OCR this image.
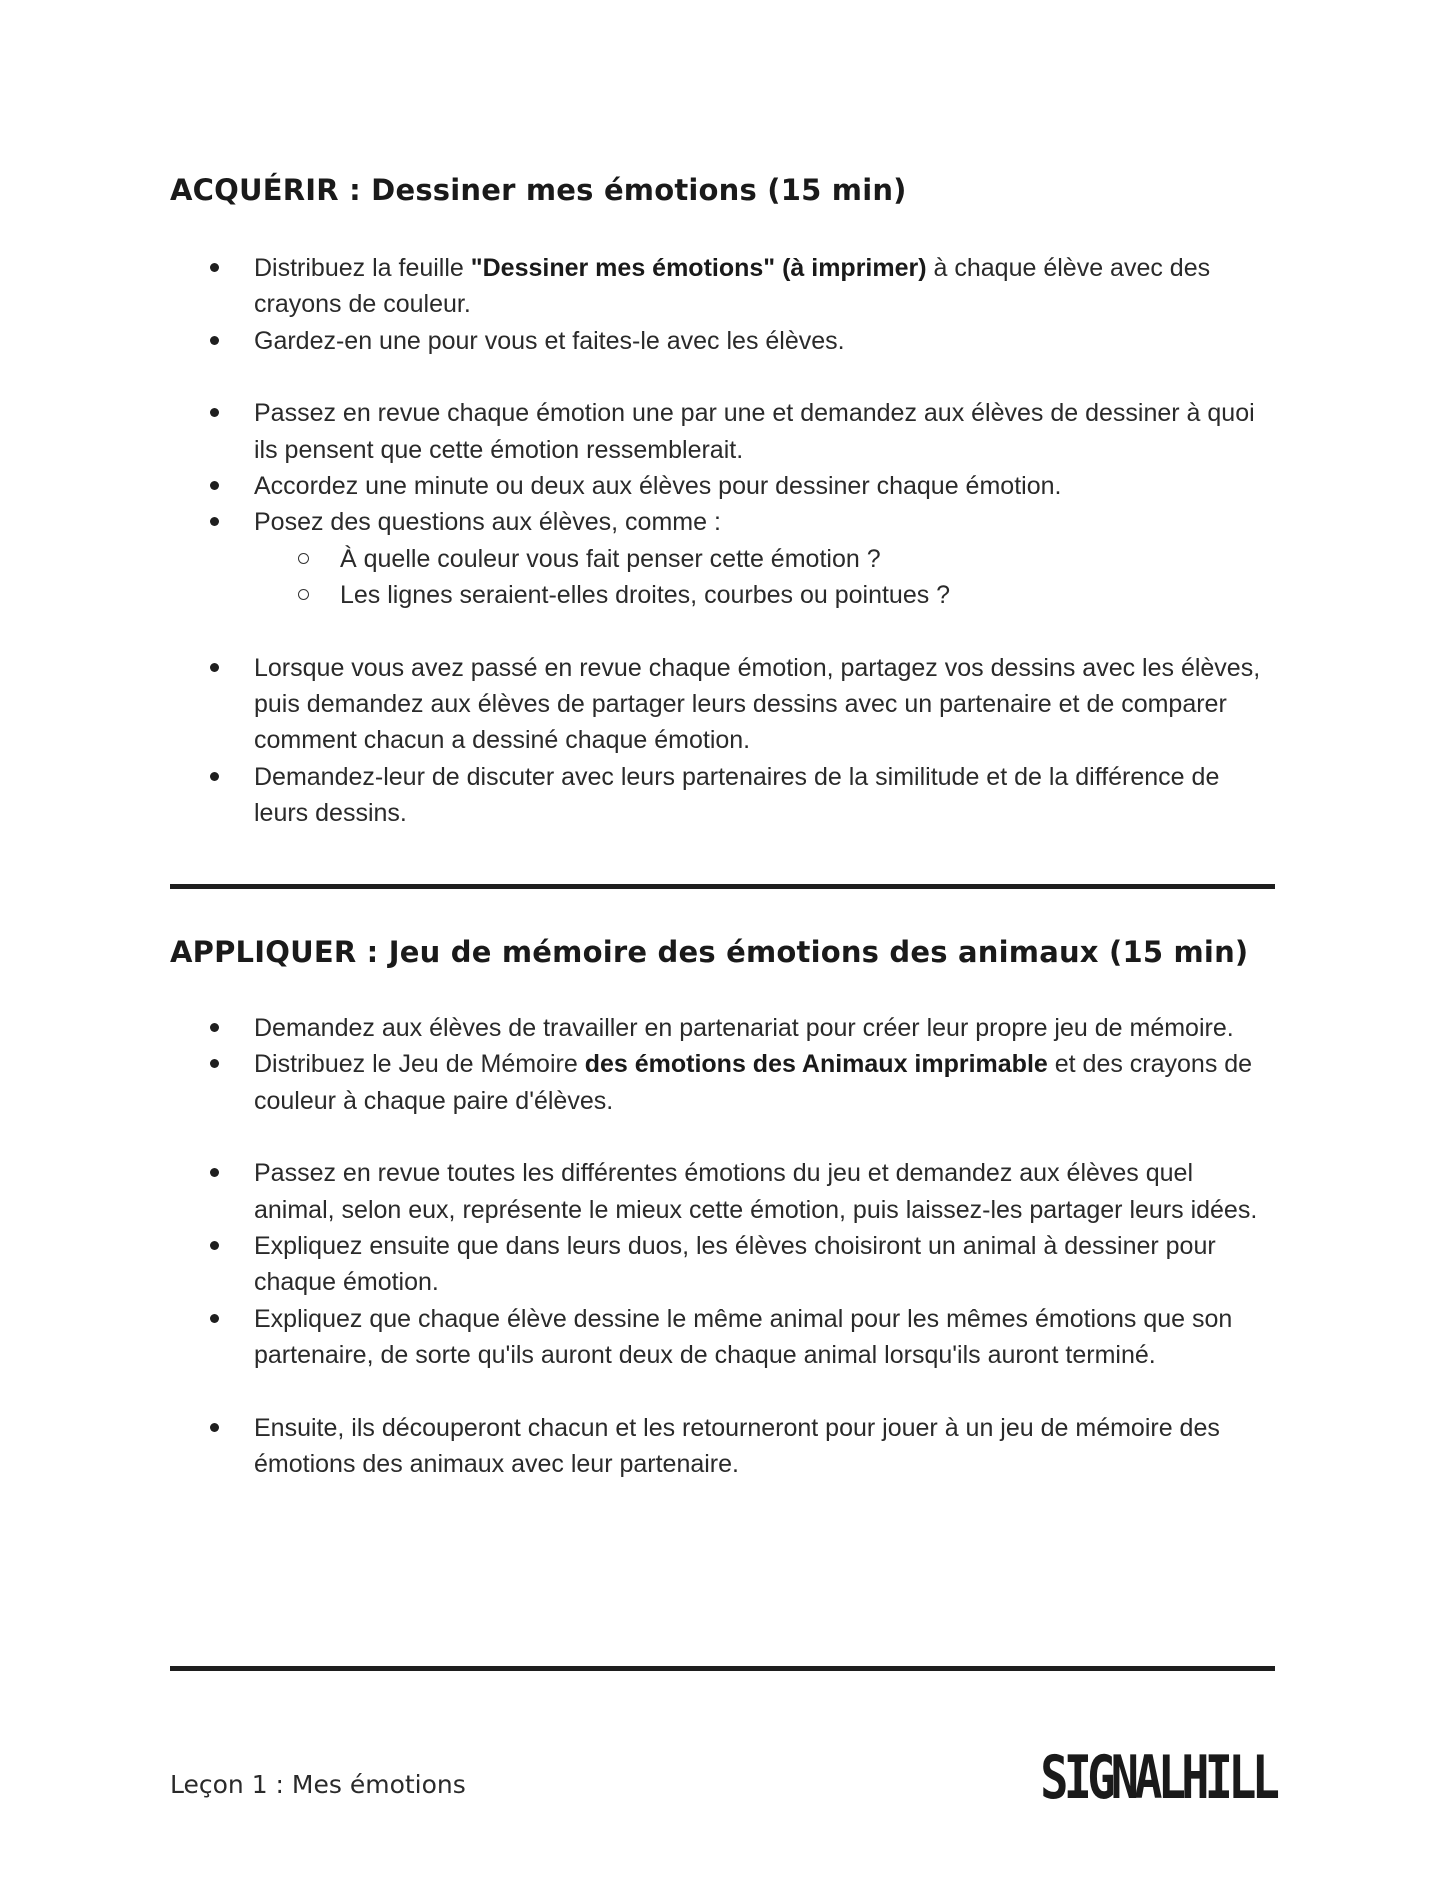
ACQUÉRIR : Dessiner mes émotions (15 min)
Distribuez la feuille "Dessiner mes émotions" (à imprimer) à chaque élève avec des crayons de couleur.
Gardez-en une pour vous et faites-le avec les élèves.
Passez en revue chaque émotion une par une et demandez aux élèves de dessiner à quoi ils pensent que cette émotion ressemblerait.
Accordez une minute ou deux aux élèves pour dessiner chaque émotion.
Posez des questions aux élèves, comme :
À quelle couleur vous fait penser cette émotion ?
Les lignes seraient-elles droites, courbes ou pointues ?
Lorsque vous avez passé en revue chaque émotion, partagez vos dessins avec les élèves, puis demandez aux élèves de partager leurs dessins avec un partenaire et de comparer comment chacun a dessiné chaque émotion.
Demandez-leur de discuter avec leurs partenaires de la similitude et de la différence de leurs dessins.
APPLIQUER : Jeu de mémoire des émotions des animaux (15 min)
Demandez aux élèves de travailler en partenariat pour créer leur propre jeu de mémoire.
Distribuez le Jeu de Mémoire des émotions des Animaux imprimable et des crayons de couleur à chaque paire d'élèves.
Passez en revue toutes les différentes émotions du jeu et demandez aux élèves quel animal, selon eux, représente le mieux cette émotion, puis laissez-les partager leurs idées.
Expliquez ensuite que dans leurs duos, les élèves choisiront un animal à dessiner pour chaque émotion.
Expliquez que chaque élève dessine le même animal pour les mêmes émotions que son partenaire, de sorte qu'ils auront deux de chaque animal lorsqu'ils auront terminé.
Ensuite, ils découperont chacun et les retourneront pour jouer à un jeu de mémoire des émotions des animaux avec leur partenaire.
Leçon 1 : Mes émotions	SIGNALHILL
